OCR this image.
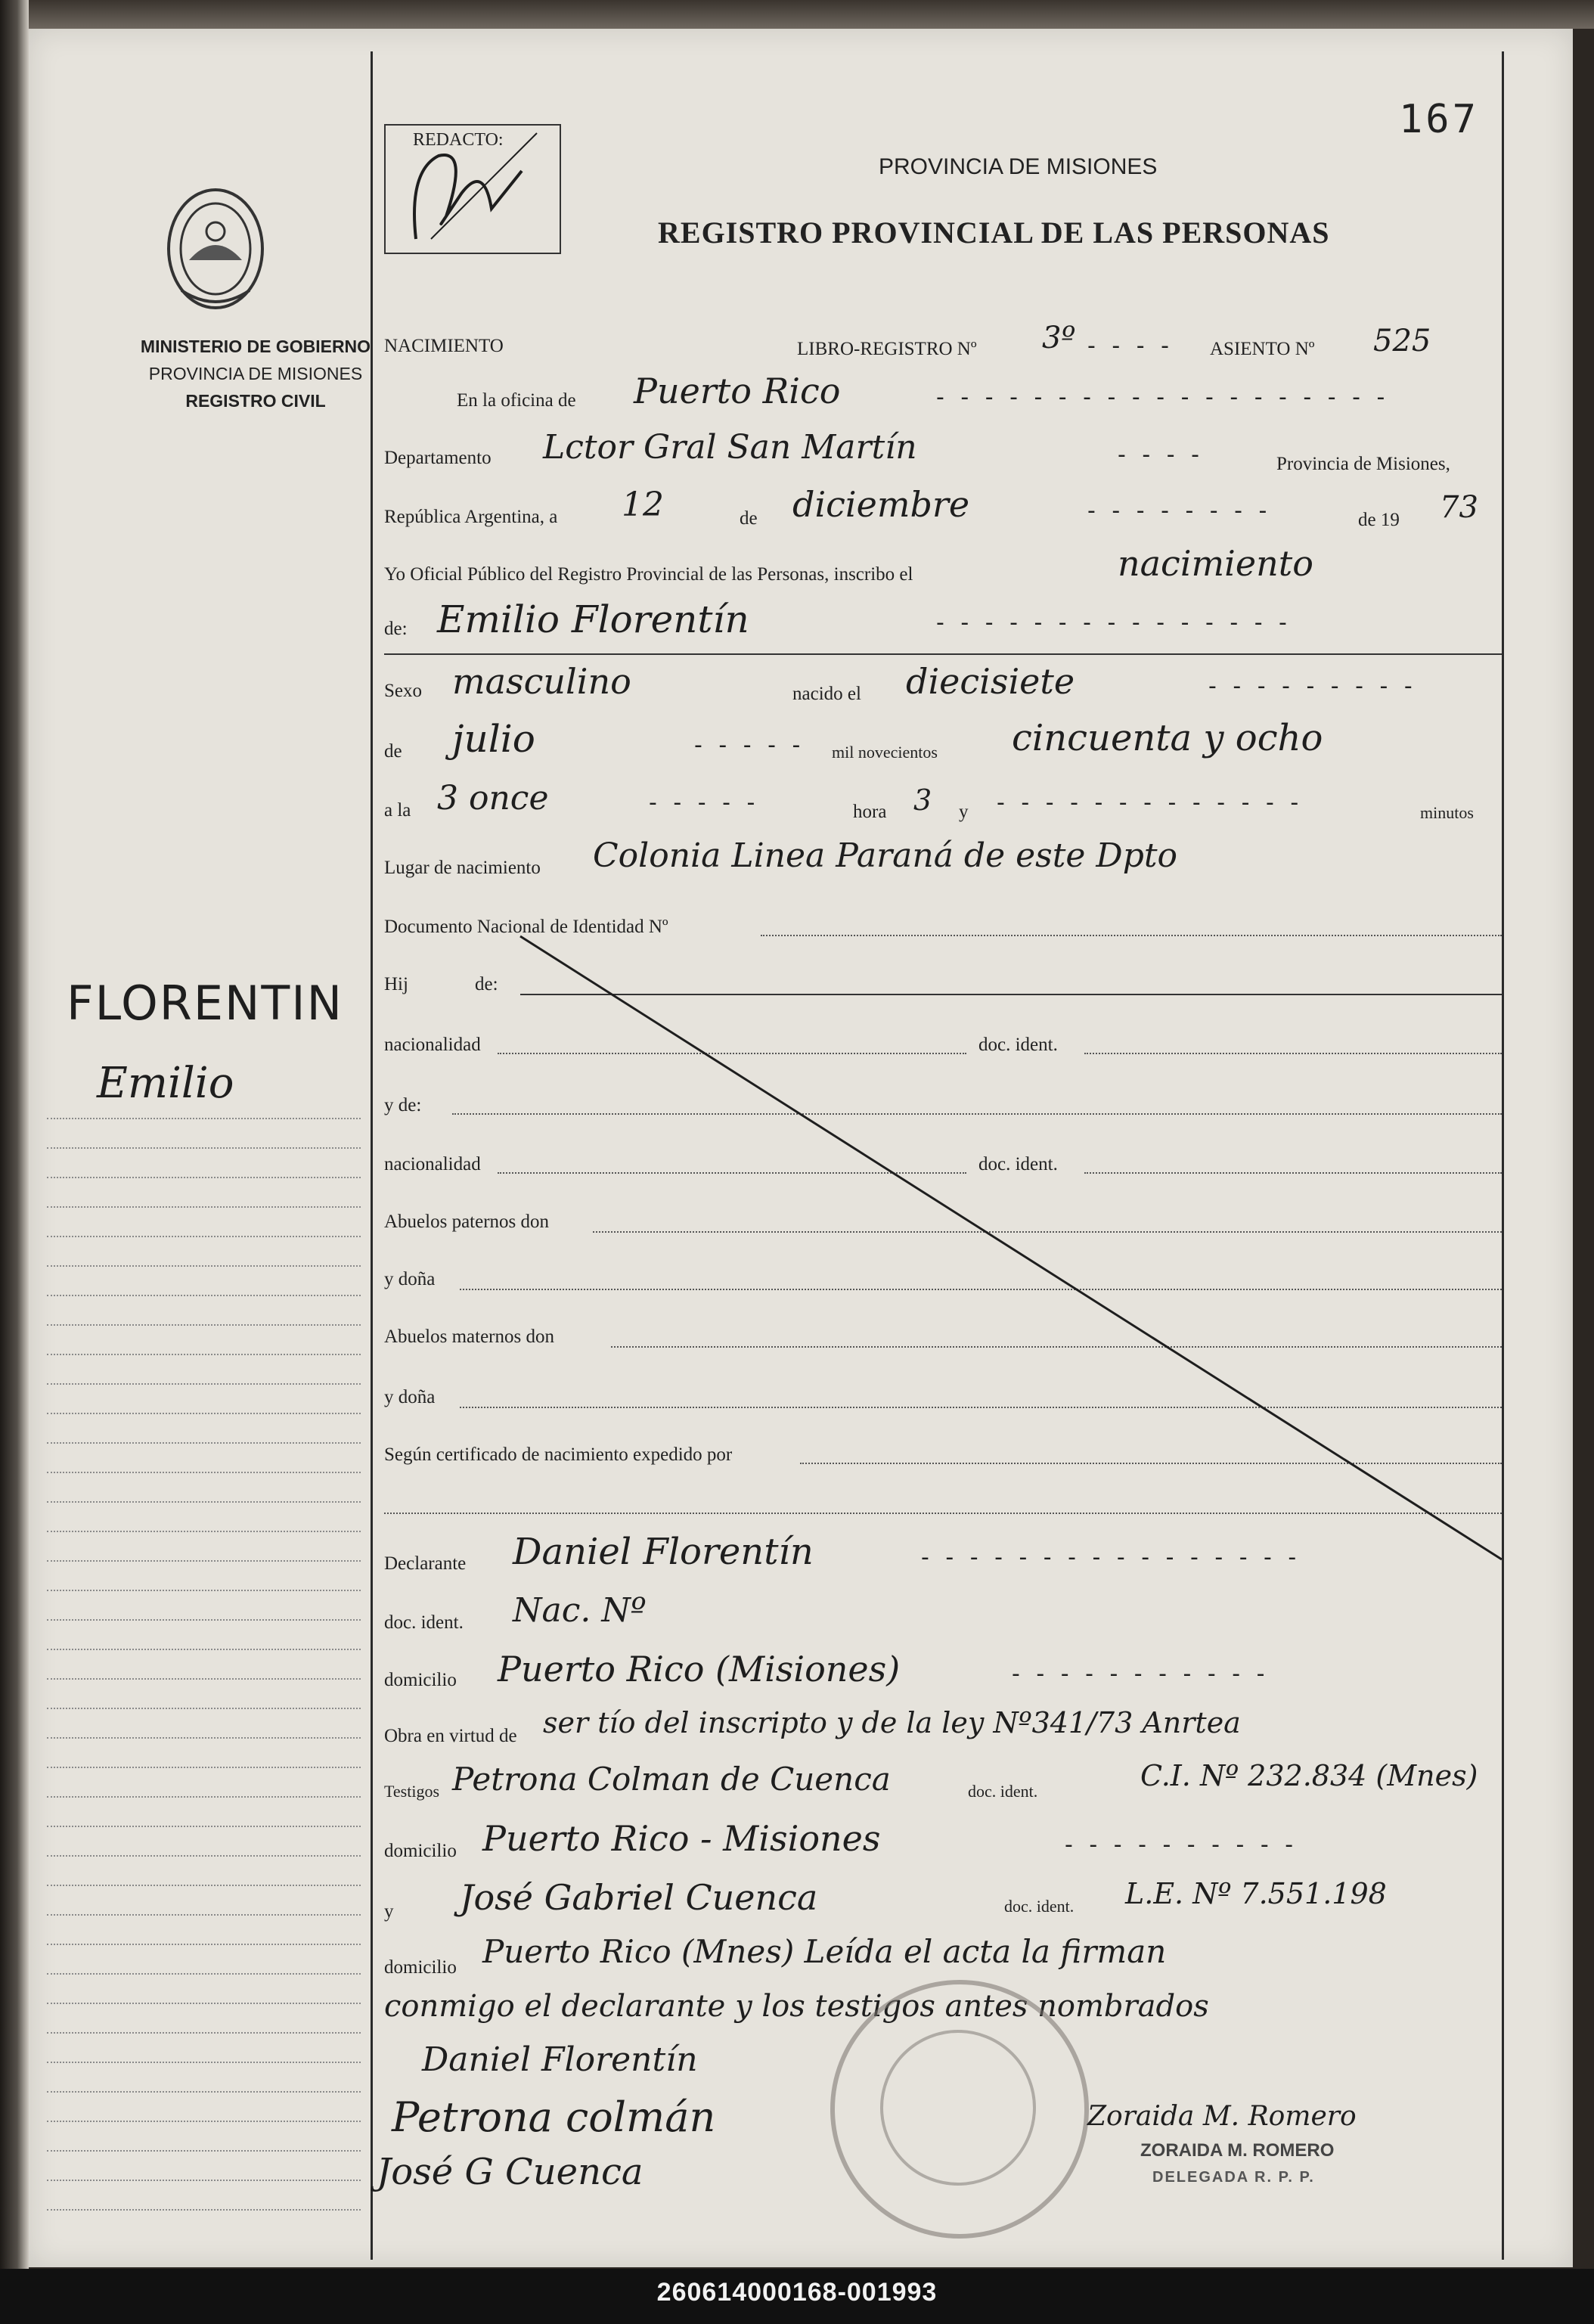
MINISTERIO DE GOBIERNO
PROVINCIA DE MISIONES
REGISTRO CIVIL
FLORENTIN
Emilio
REDACTO:	167
PROVINCIA DE MISIONES
REGISTRO PROVINCIAL DE LAS PERSONAS
NACIMIENTO	LIBRO-REGISTRO Nº 3º - - - - ASIENTO Nº 525
En la oficina de Puerto Rico	- - - - - - - - - - - - - - - - - - -
Departamento Lctor Gral San Martín	- - - -	Provincia de Misiones,
República Argentina, a 12	de diciembre	- - - - - - - -	de 19 73
Yo Oficial Público del Registro Provincial de las Personas, inscribo el	nacimiento
de: Emilio Florentín	- - - - - - - - - - - - - - -
Sexo masculino	nacido el diecisiete	- - - - - - - - -
de julio	- - - - - mil novecientos cincuenta y ocho
a la 3 once	- - - - -	hora 3 y - - - - - - - - - - - - -	minutos
Lugar de nacimiento Colonia Linea Paraná de este Dpto
Documento Nacional de Identidad Nº
Hij	de:
nacionalidad	doc. ident.
y de:
nacionalidad	doc. ident.
Abuelos paternos don
y doña
Abuelos maternos don
y doña
Según certificado de nacimiento expedido por
Declarante Daniel Florentín	- - - - - - - - - - - - - - - -
doc. ident. Nac. Nº
domicilio Puerto Rico (Misiones)	- - - - - - - - - - -
Obra en virtud de ser tío del inscripto y de la ley Nº341/73 Anrtea
Testigos Petrona Colman de Cuenca	doc. ident.	C.I. Nº 232.834 (Mnes)
domicilio Puerto Rico - Misiones	- - - - - - - - - -
y José Gabriel Cuenca	doc. ident. L.E. Nº 7.551.198
domicilio Puerto Rico (Mnes) Leída el acta la firman
conmigo el declarante y los testigos antes nombrados
Daniel Florentín
Petrona colmán
José G Cuenca
Zoraida M. Romero
ZORAIDA M. ROMERO
DELEGADA R. P. P.
260614000168-001993
